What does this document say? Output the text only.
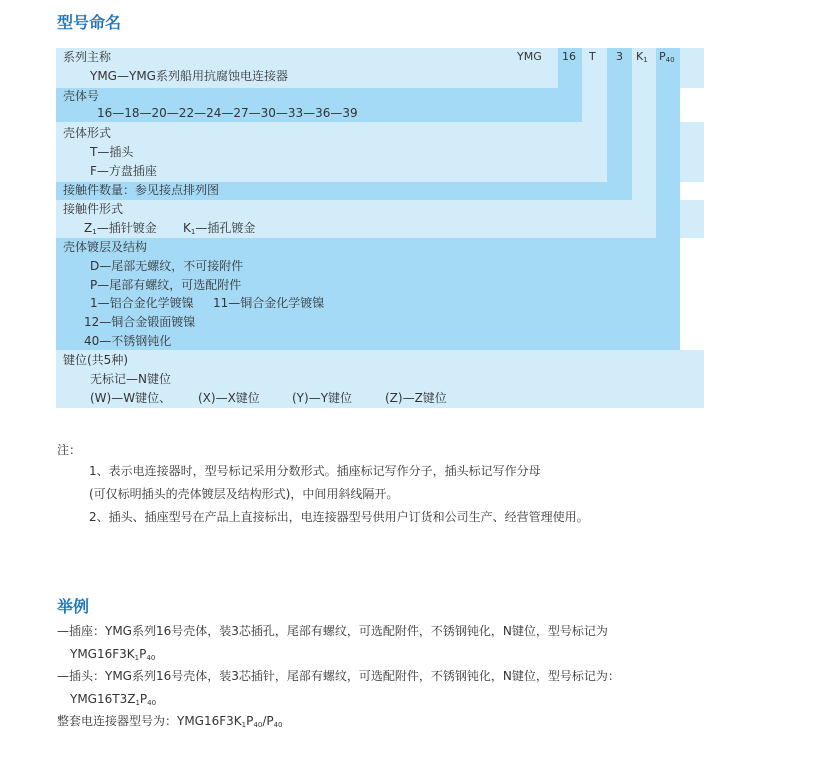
型号命名
YMG 16 T 3 $K_1$ $P_{40}$
系列主称
YMG—YMG系列船用抗腐蚀电连接器
壳体号
16—18—20—22—24—27—30—33—36—39
壳体形式
T—插头
F—方盘插座
接触件数量：参见接点排列图
接触件形式
$Z_1—$插针镀金 $K_1—$插孔镀金
壳体镀层及结构
D—尾部无螺纹，不可接附件
P—尾部有螺纹，可选配附件
1—铝合金化学镀镍 11—铜合金化学镀镍
12—铜合金锻面镀镍
40—不锈钢钝化
键位(共5种)
无标记—N键位
(W)—W键位、 (X)—X键位	(Y)—Y键位	(Z)—Z键位
注：
1、表示电连接器时，型号标记采用分数形式。插座标记写作分子，插头标记写作分母
(可仅标明插头的壳体镀层及结构形式)，中间用斜线隔开。
2、插头、插座型号在产品上直接标出，电连接器型号供用户订货和公司生产、经营管理使用。
举例
—插座：YMG系列16号壳体，装3芯插孔，尾部有螺纹，可选配附件，不锈钢钝化，N键位，型号标记为
$YMG16F3K_1P_{40}$
—插头：YMG系列16号壳体，装3芯插针，尾部有螺纹，可选配附件，不锈钢钝化，N键位，型号标记为：
$YMG16T3Z_1P_{40}$
整套电连接器型号为：$YMG16F3K_1P_{40}/P_{40}$
